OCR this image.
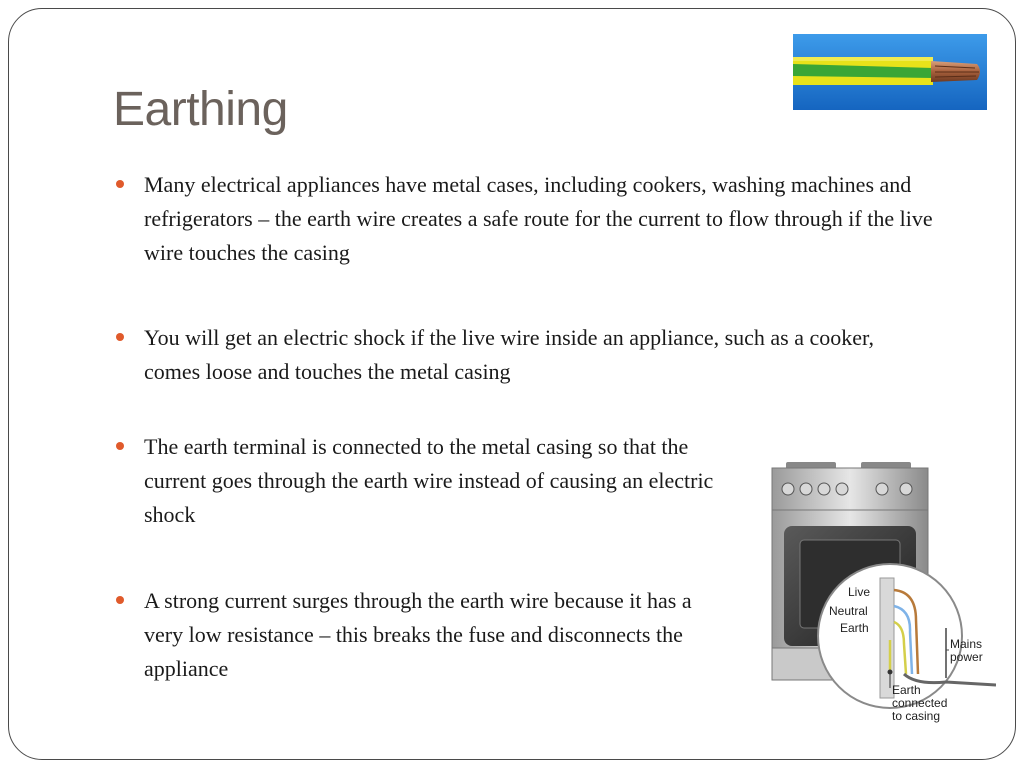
Earthing
Many electrical appliances have metal cases, including cookers, washing machines and refrigerators – the earth wire creates a safe route for the current to flow through if the live wire touches the casing
You will get an electric shock if the live wire inside an appliance, such as a cooker, comes loose and touches the metal casing
The earth terminal is connected to the metal casing so that the current goes through the earth wire instead of causing an electric shock
A strong current surges through the earth wire because it has a very low resistance – this breaks the fuse and disconnects the appliance
Live
Neutral
Earth
Mains
power
Earth
connected
to casing
